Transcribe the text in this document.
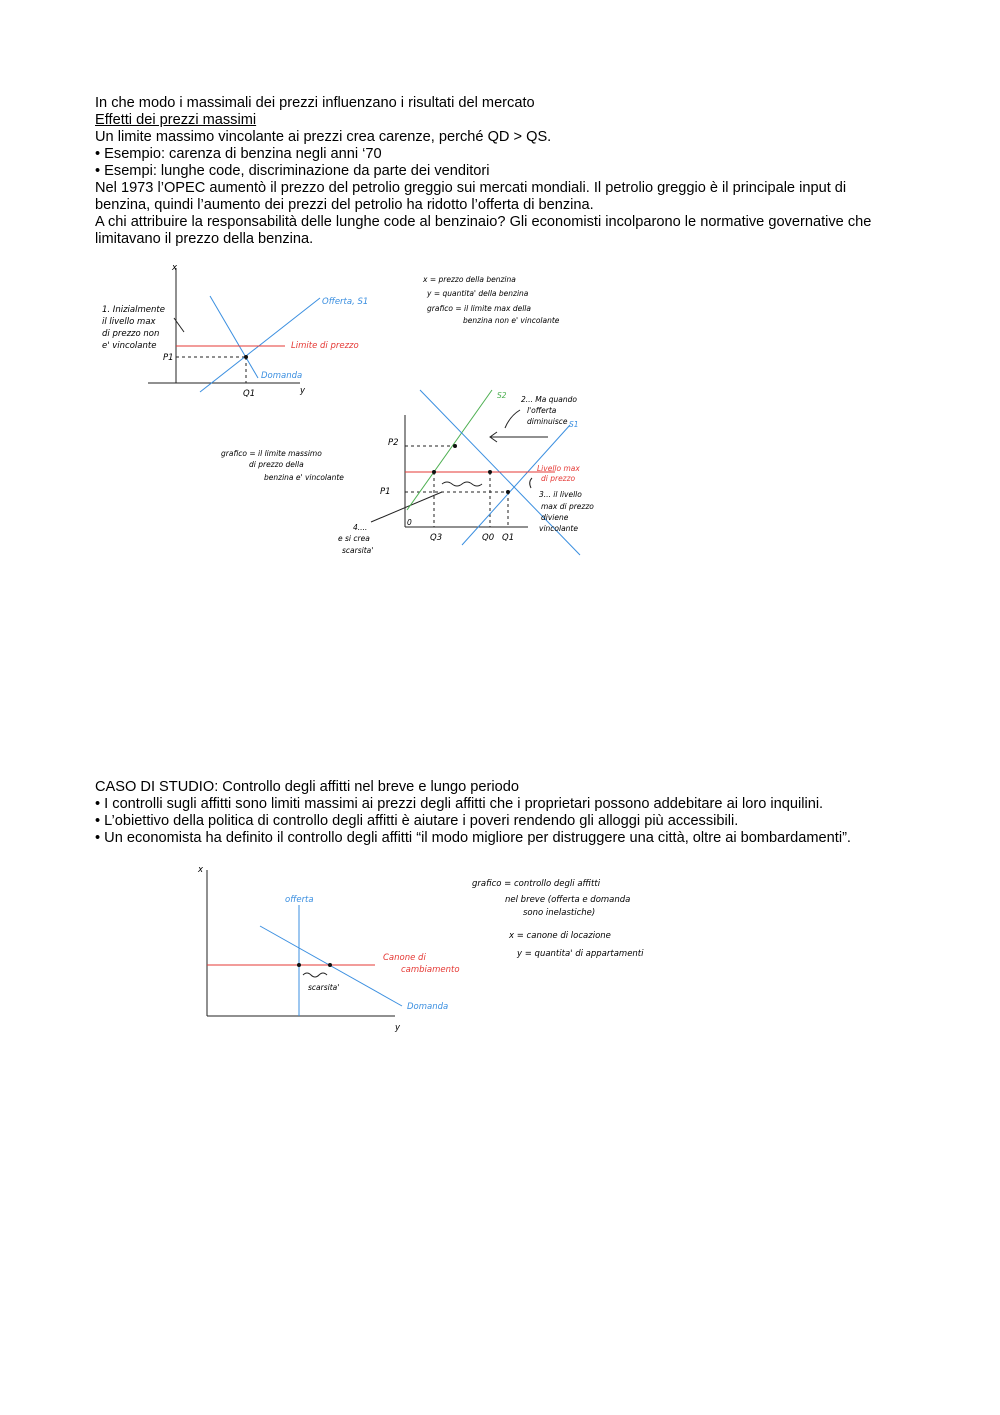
In che modo i massimali dei prezzi influenzano i risultati del mercato
Effetti dei prezzi massimi
Un limite massimo vincolante ai prezzi crea carenze, perché QD > QS.
• Esempio: carenza di benzina negli anni ‘70
• Esempi: lunghe code, discriminazione da parte dei venditori
Nel 1973 l’OPEC aumentò il prezzo del petrolio greggio sui mercati mondiali. Il petrolio greggio è il principale input di
benzina, quindi l’aumento dei prezzi del petrolio ha ridotto l’offerta di benzina.
A chi attribuire la responsabilità delle lunghe code al benzinaio? Gli economisti incolparono le normative governative che
limitavano il prezzo della benzina.
x
y
Offerta, S1
Limite di prezzo
Domanda
P1
Q1
1. Inizialmente
il livello max
di prezzo non
e' vincolante
x = prezzo della benzina
y = quantita' della benzina
grafico = il limite max della
benzina non e' vincolante
S2
S1
P2
P1
0
Q3	Q0 Q1
2... Ma quando
l'offerta
diminuisce
Livello max
di prezzo
3... il livello
max di prezzo
diviene
vincolante
4....
e si crea
scarsita'
grafico = il limite massimo
di prezzo della
benzina e' vincolante
CASO DI STUDIO: Controllo degli affitti nel breve e lungo periodo
• I controlli sugli affitti sono limiti massimi ai prezzi degli affitti che i proprietari possono addebitare ai loro inquilini.
• L’obiettivo della politica di controllo degli affitti è aiutare i poveri rendendo gli alloggi più accessibili.
• Un economista ha definito il controllo degli affitti “il modo migliore per distruggere una città, oltre ai bombardamenti”.
x
y
offerta
Canone di
cambiamento
scarsita'
Domanda
grafico = controllo degli affitti
nel breve (offerta e domanda
sono inelastiche)
x = canone di locazione
y = quantita' di appartamenti
